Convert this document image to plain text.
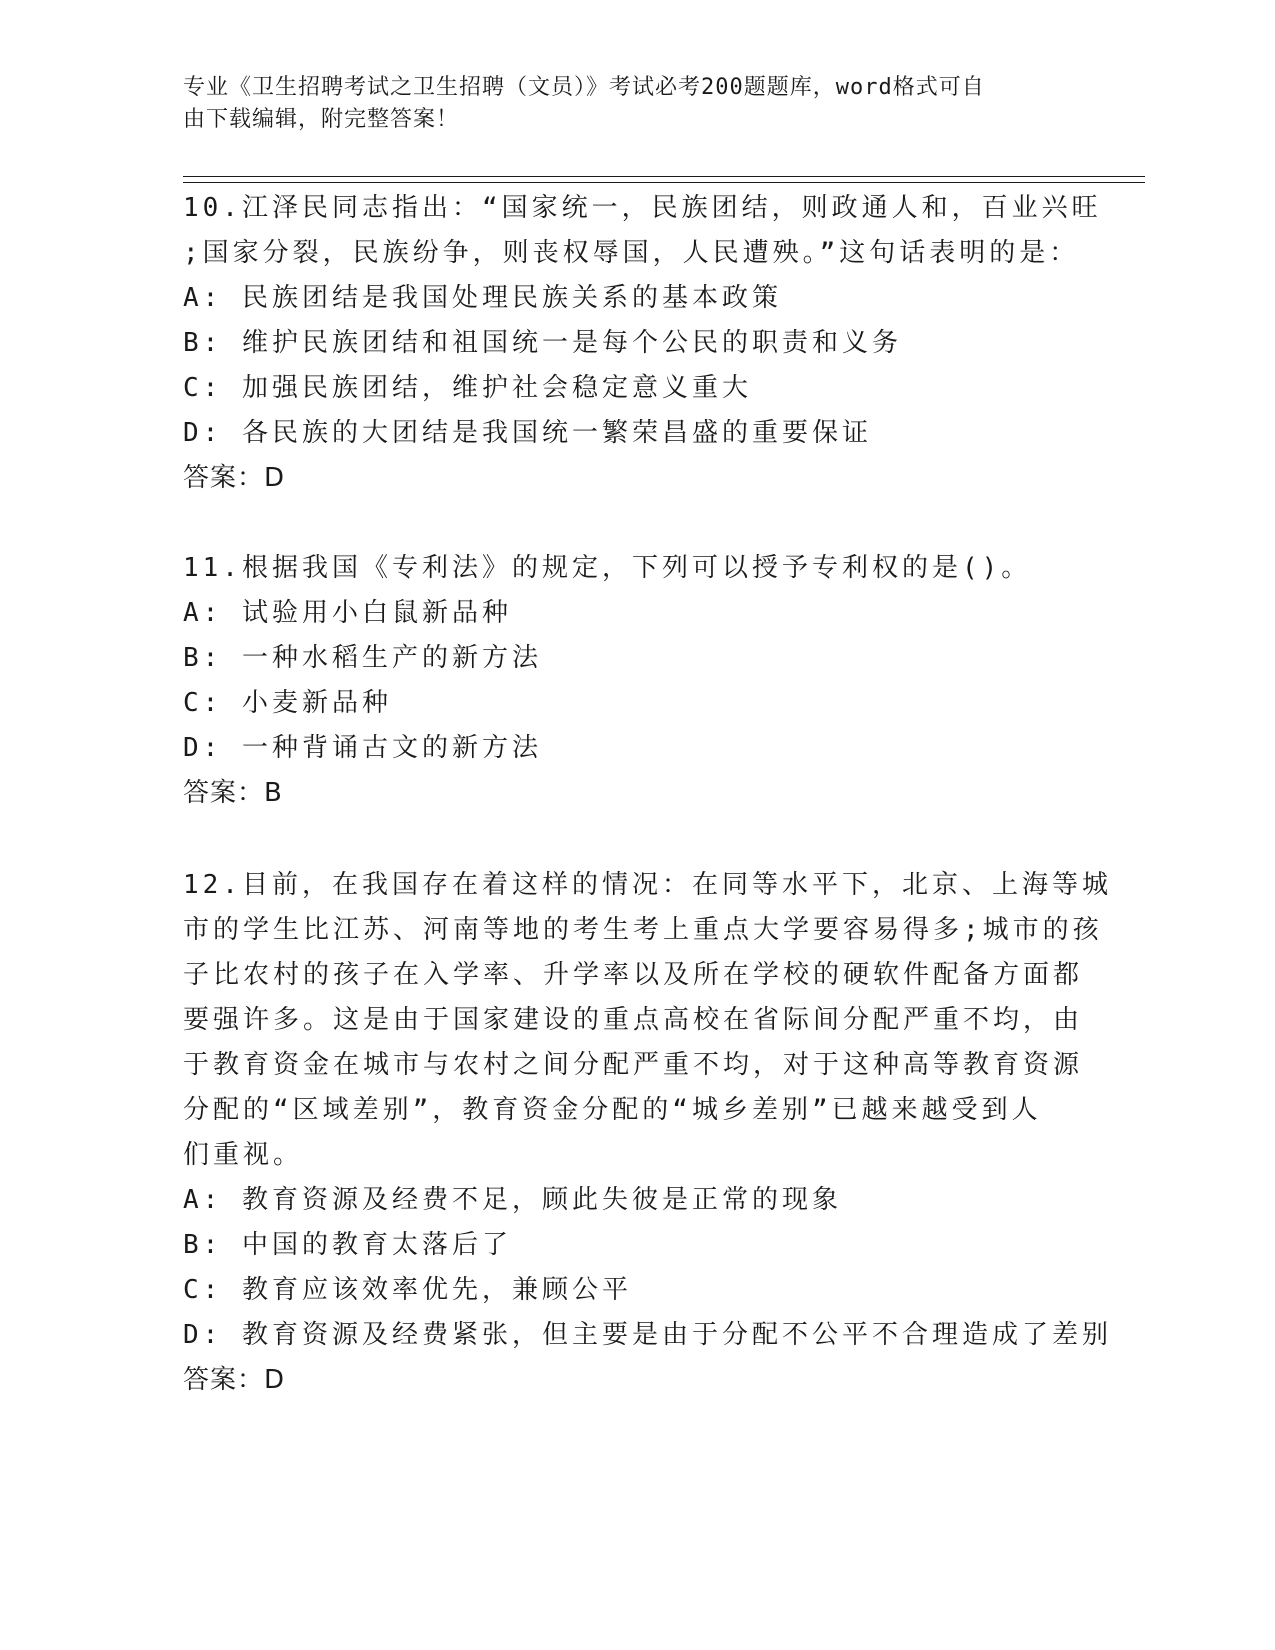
专业《卫生招聘考试之卫生招聘（文员）》考试必考200题题库，word格式可自
由下载编辑，附完整答案！
10.江泽民同志指出：“国家统一，民族团结，则政通人和，百业兴旺
;国家分裂，民族纷争，则丧权辱国，人民遭殃。”这句话表明的是：
A: 民族团结是我国处理民族关系的基本政策
B: 维护民族团结和祖国统一是每个公民的职责和义务
C: 加强民族团结，维护社会稳定意义重大
D: 各民族的大团结是我国统一繁荣昌盛的重要保证
答案：D
11.根据我国《专利法》的规定，下列可以授予专利权的是()。
A: 试验用小白鼠新品种
B: 一种水稻生产的新方法
C: 小麦新品种
D: 一种背诵古文的新方法
答案：B
12.目前，在我国存在着这样的情况：在同等水平下，北京、上海等城
市的学生比江苏、河南等地的考生考上重点大学要容易得多;城市的孩
子比农村的孩子在入学率、升学率以及所在学校的硬软件配备方面都
要强许多。这是由于国家建设的重点高校在省际间分配严重不均，由
于教育资金在城市与农村之间分配严重不均，对于这种高等教育资源
分配的“区域差别”，教育资金分配的“城乡差别”已越来越受到人
们重视。
A: 教育资源及经费不足，顾此失彼是正常的现象
B: 中国的教育太落后了
C: 教育应该效率优先，兼顾公平
D: 教育资源及经费紧张，但主要是由于分配不公平不合理造成了差别
答案：D
